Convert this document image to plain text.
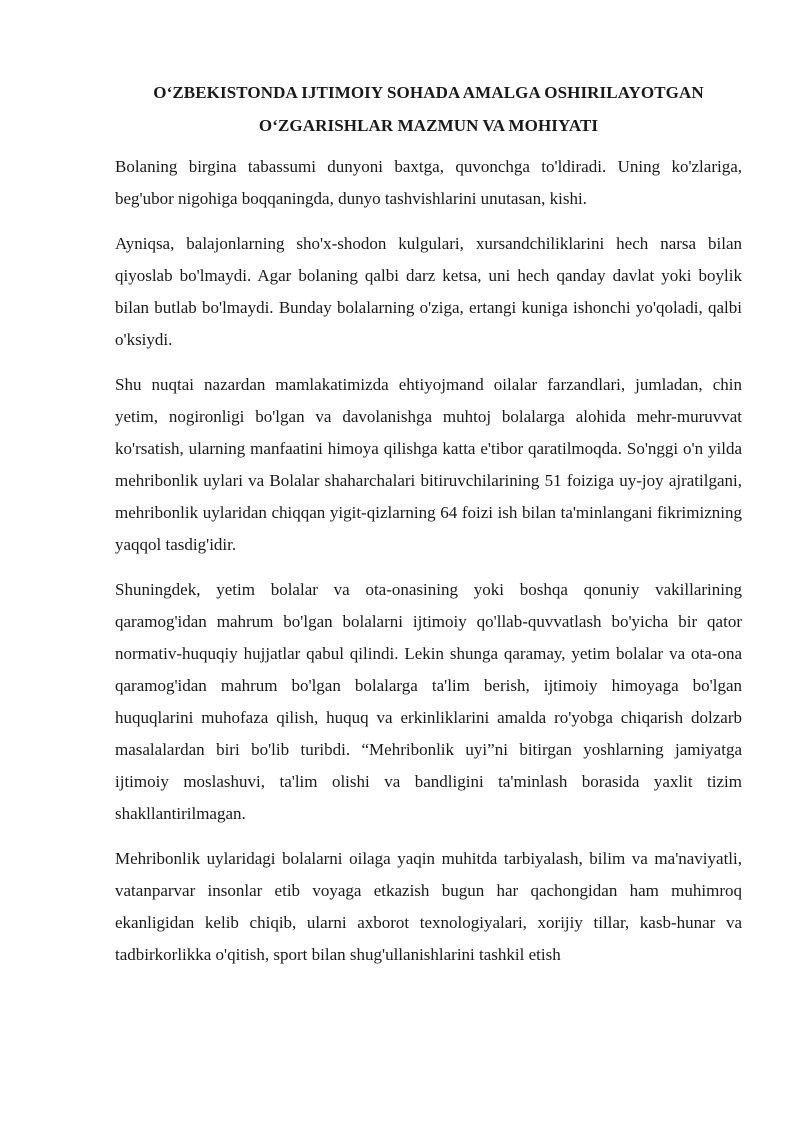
O‘ZBEKISTONDA IJTIMOIY SOHADA AMALGA OSHIRILAYOTGAN
O‘ZGARISHLAR MAZMUN VA MOHIYATI

Bolaning birgina tabassumi dunyoni baxtga, quvonchga to'ldiradi. Uning ko'zlariga, beg'ubor nigohiga boqqaningda, dunyo tashvishlarini unutasan, kishi.

Ayniqsa, balajonlarning sho'x-shodon kulgulari, xursandchiliklarini hech narsa bilan qiyoslab bo'lmaydi. Agar bolaning qalbi darz ketsa, uni hech qanday davlat yoki boylik bilan butlab bo'lmaydi. Bunday bolalarning o'ziga, ertangi kuniga ishonchi yo'qoladi, qalbi o'ksiydi.

Shu nuqtai nazardan mamlakatimizda ehtiyojmand oilalar farzandlari, jumladan, chin yetim, nogironligi bo'lgan va davolanishga muhtoj bolalarga alohida mehr-muruvvat ko'rsatish, ularning manfaatini himoya qilishga katta e'tibor qaratilmoqda. So'nggi o'n yilda mehribonlik uylari va Bolalar shaharchalari bitiruvchilarining 51 foiziga uy-joy ajratilgani, mehribonlik uylaridan chiqqan yigit-qizlarning 64 foizi ish bilan ta'minlangani fikrimizning yaqqol tasdig'idir.

Shuningdek, yetim bolalar va ota-onasining yoki boshqa qonuniy vakillarining qaramog'idan mahrum bo'lgan bolalarni ijtimoiy qo'llab-quvvatlash bo'yicha bir qator normativ-huquqiy hujjatlar qabul qilindi. Lekin shunga qaramay, yetim bolalar va ota-ona qaramog'idan mahrum bo'lgan bolalarga ta'lim berish, ijtimoiy himoyaga bo'lgan huquqlarini muhofaza qilish, huquq va erkinliklarini amalda ro'yobga chiqarish dolzarb masalalardan biri bo'lib turibdi. “Mehribonlik uyi”ni bitirgan yoshlarning jamiyatga ijtimoiy moslashuvi, ta'lim olishi va bandligini ta'minlash borasida yaxlit tizim shakllantirilmagan.

Mehribonlik uylaridagi bolalarni oilaga yaqin muhitda tarbiyalash, bilim va ma'naviyatli, vatanparvar insonlar etib voyaga etkazish bugun har qachongidan ham muhimroq ekanligidan kelib chiqib, ularni axborot texnologiyalari, xorijiy tillar, kasb-hunar va tadbirkorlikka o'qitish, sport bilan shug'ullanishlarini tashkil etish
